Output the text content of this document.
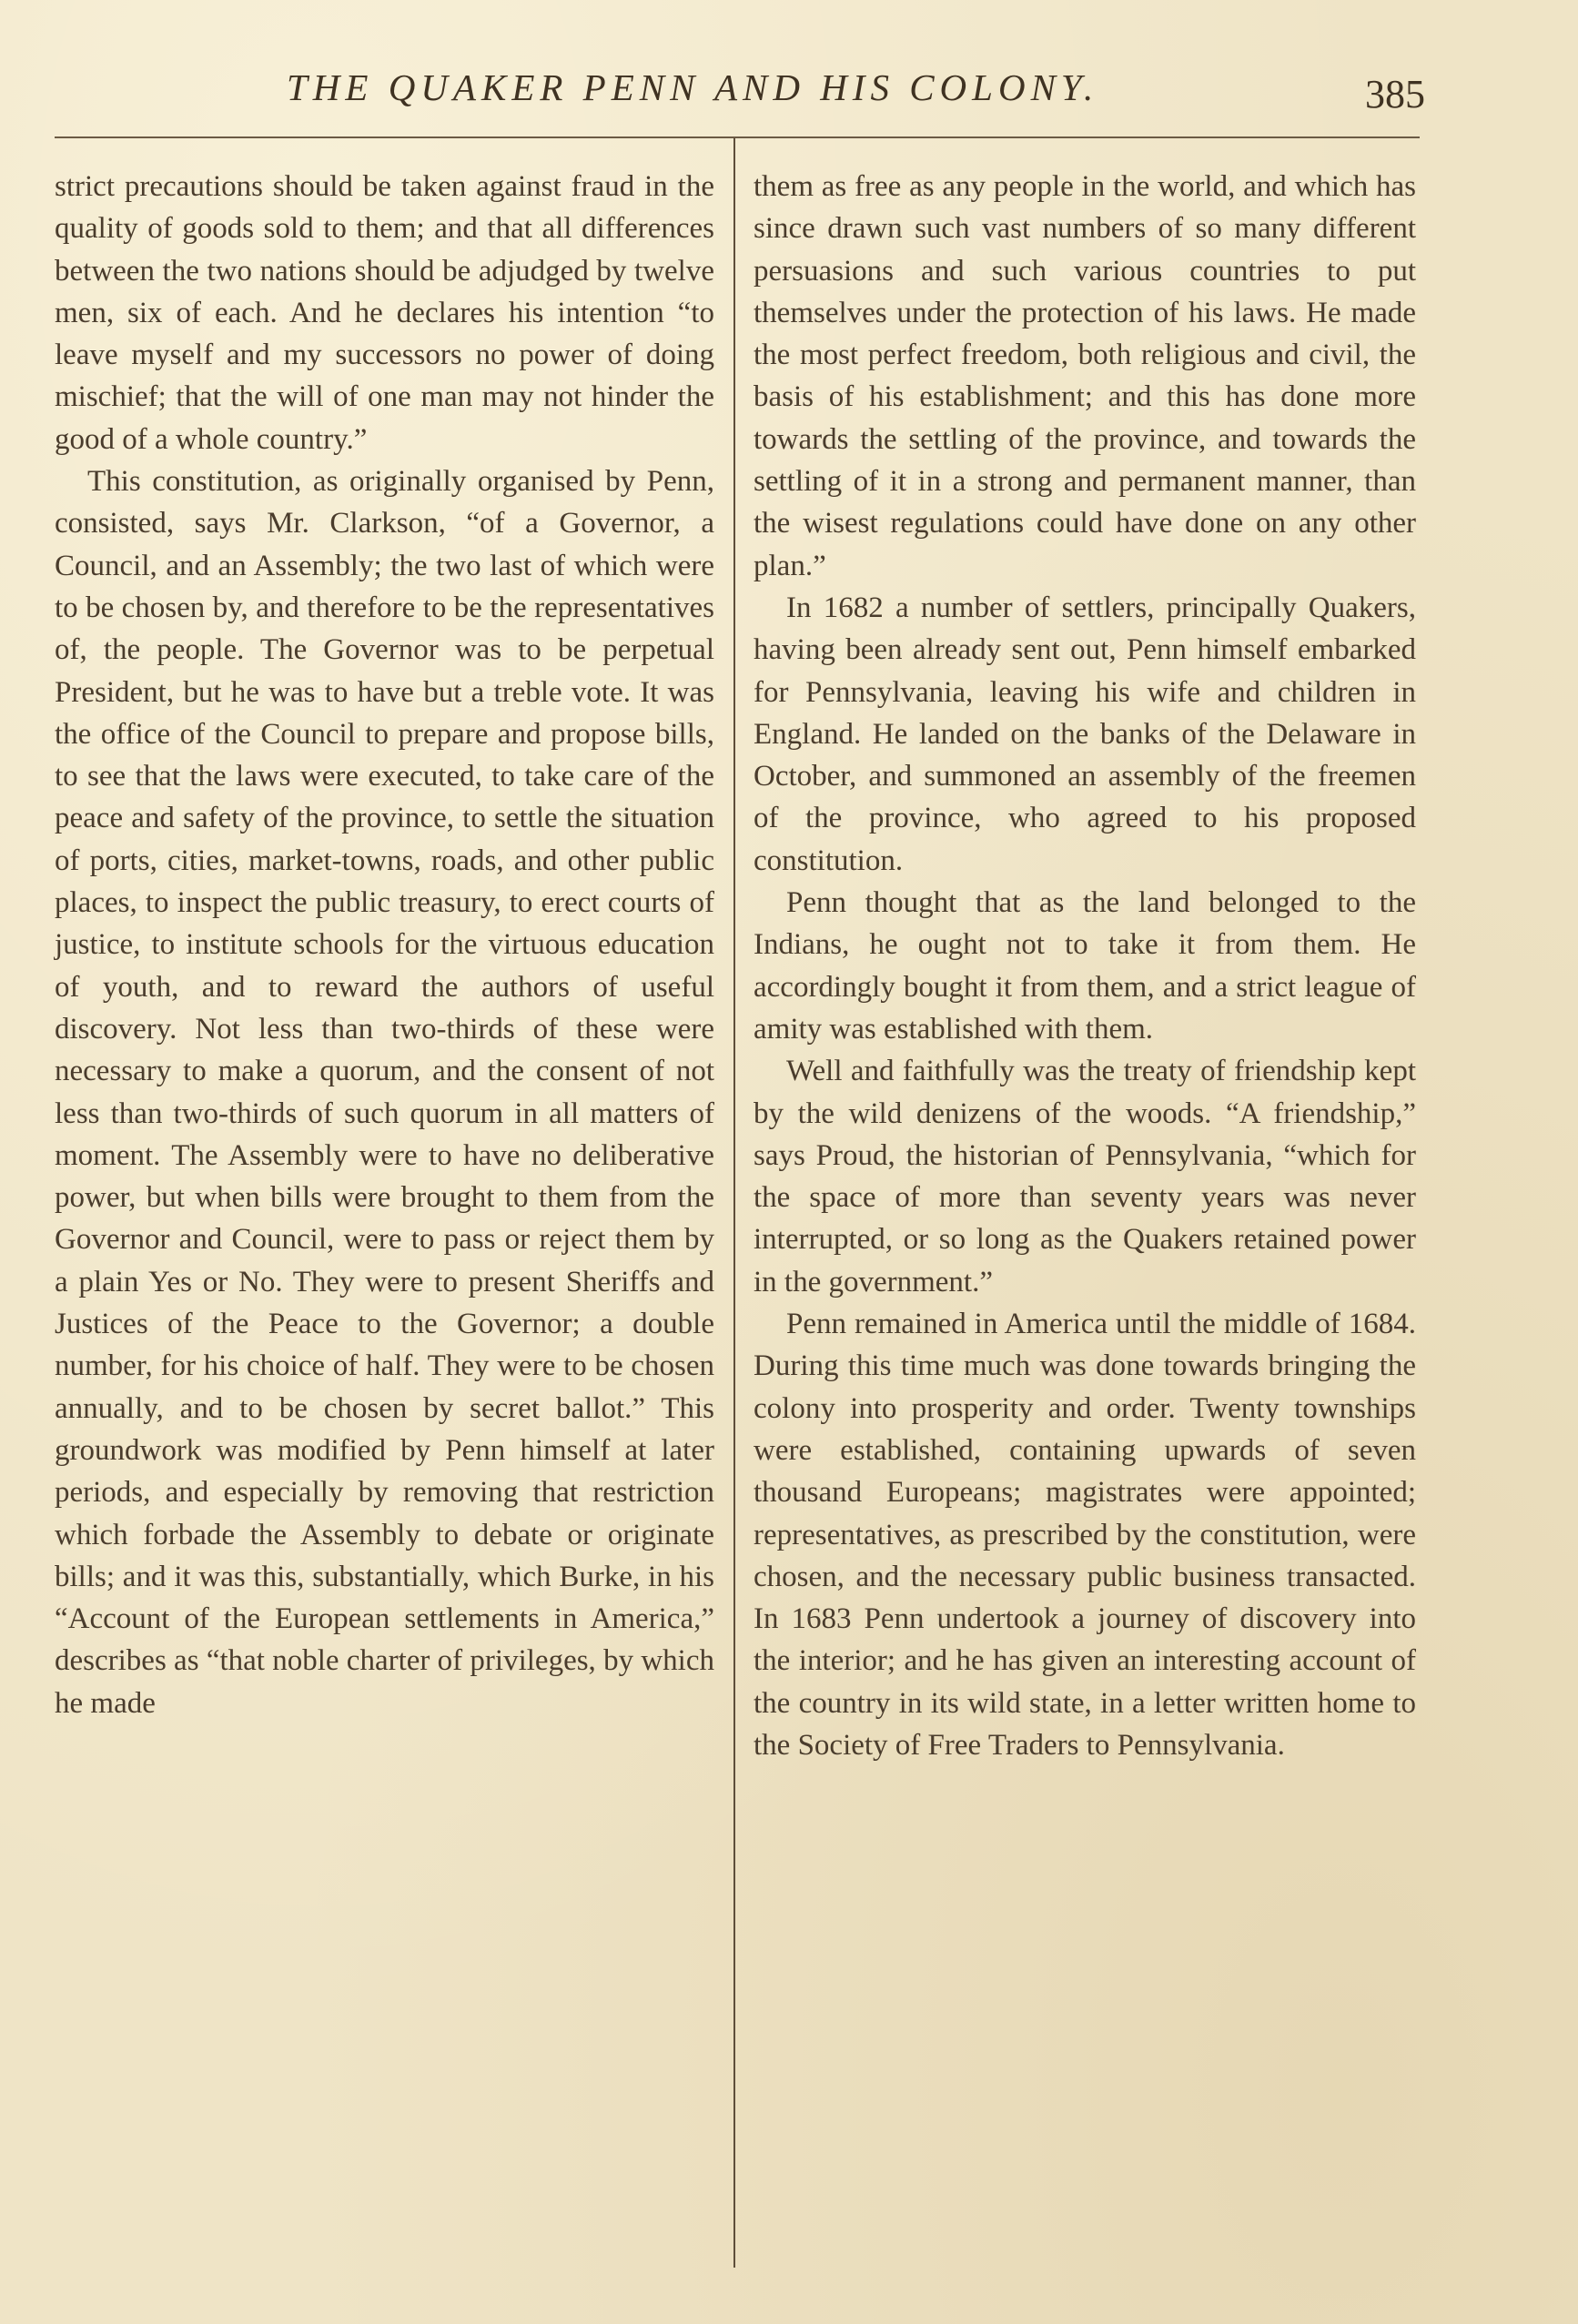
THE QUAKER PENN AND HIS COLONY.	385

strict precautions should be taken against fraud in the quality of goods sold to them; and that all differences between the two nations should be adjudged by twelve men, six of each. And he declares his intention “to leave myself and my successors no power of doing mischief; that the will of one man may not hinder the good of a whole country.”

This constitution, as originally organised by Penn, consisted, says Mr. Clarkson, “of a Governor, a Council, and an Assembly; the two last of which were to be chosen by, and therefore to be the representatives of, the people. The Governor was to be perpetual President, but he was to have but a treble vote. It was the office of the Council to prepare and propose bills, to see that the laws were executed, to take care of the peace and safety of the province, to settle the situation of ports, cities, market-towns, roads, and other public places, to inspect the public treasury, to erect courts of justice, to institute schools for the virtuous education of youth, and to reward the authors of useful discovery. Not less than two-thirds of these were necessary to make a quorum, and the consent of not less than two-thirds of such quorum in all matters of moment. The Assembly were to have no deliberative power, but when bills were brought to them from the Governor and Council, were to pass or reject them by a plain Yes or No. They were to present Sheriffs and Justices of the Peace to the Governor; a double number, for his choice of half. They were to be chosen annually, and to be chosen by secret ballot.” This groundwork was modified by Penn himself at later periods, and especially by removing that restriction which forbade the Assembly to debate or originate bills; and it was this, substantially, which Burke, in his “Account of the European settlements in America,” describes as “that noble charter of privileges, by which he made

them as free as any people in the world, and which has since drawn such vast numbers of so many different persuasions and such various countries to put themselves under the protection of his laws. He made the most perfect freedom, both religious and civil, the basis of his establishment; and this has done more towards the settling of the province, and towards the settling of it in a strong and permanent manner, than the wisest regulations could have done on any other plan.”

In 1682 a number of settlers, principally Quakers, having been already sent out, Penn himself embarked for Pennsylvania, leaving his wife and children in England. He landed on the banks of the Delaware in October, and summoned an assembly of the freemen of the province, who agreed to his proposed constitution.

Penn thought that as the land belonged to the Indians, he ought not to take it from them. He accordingly bought it from them, and a strict league of amity was established with them.

Well and faithfully was the treaty of friendship kept by the wild denizens of the woods. “A friendship,” says Proud, the historian of Pennsylvania, “which for the space of more than seventy years was never interrupted, or so long as the Quakers retained power in the government.”

Penn remained in America until the middle of 1684. During this time much was done towards bringing the colony into prosperity and order. Twenty townships were established, containing upwards of seven thousand Europeans; magistrates were appointed; representatives, as prescribed by the constitution, were chosen, and the necessary public business transacted. In 1683 Penn undertook a journey of discovery into the interior; and he has given an interesting account of the country in its wild state, in a letter written home to the Society of Free Traders to Pennsylvania.
